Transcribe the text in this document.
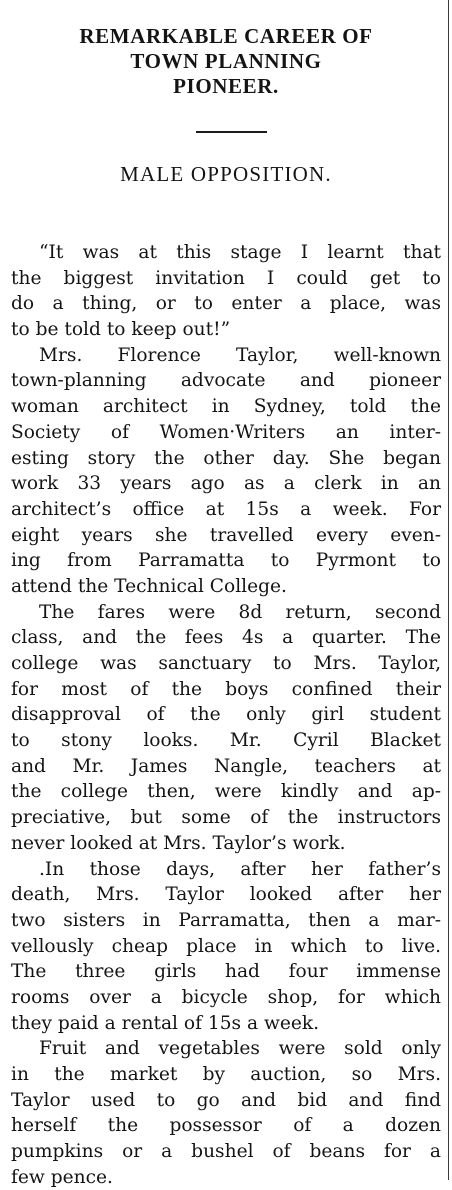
REMARKABLE CAREER OF
TOWN PLANNING
PIONEER.
MALE OPPOSITION.
“It was at this stage I learnt that
the biggest invitation I could get to
do a thing, or to enter a place, was
to be told to keep out!”
Mrs. Florence Taylor, well-known
town-planning advocate and pioneer
woman architect in Sydney, told the
Society of Women·Writers an inter-
esting story the other day. She began
work 33 years ago as a clerk in an
architect’s office at 15s a week. For
eight years she travelled every even-
ing from Parramatta to Pyrmont to
attend the Technical College.
The fares were 8d return, second
class, and the fees 4s a quarter. The
college was sanctuary to Mrs. Taylor,
for most of the boys confined their
disapproval of the only girl student
to stony looks. Mr. Cyril Blacket
and Mr. James Nangle, teachers at
the college then, were kindly and ap-
preciative, but some of the instructors
never looked at Mrs. Taylor’s work.
.In those days, after her father’s
death, Mrs. Taylor looked after her
two sisters in Parramatta, then a mar-
vellously cheap place in which to live.
The three girls had four immense
rooms over a bicycle shop, for which
they paid a rental of 15s a week.
Fruit and vegetables were sold only
in the market by auction, so Mrs.
Taylor used to go and bid and find
herself the possessor of a dozen
pumpkins or a bushel of beans for a
few pence.
